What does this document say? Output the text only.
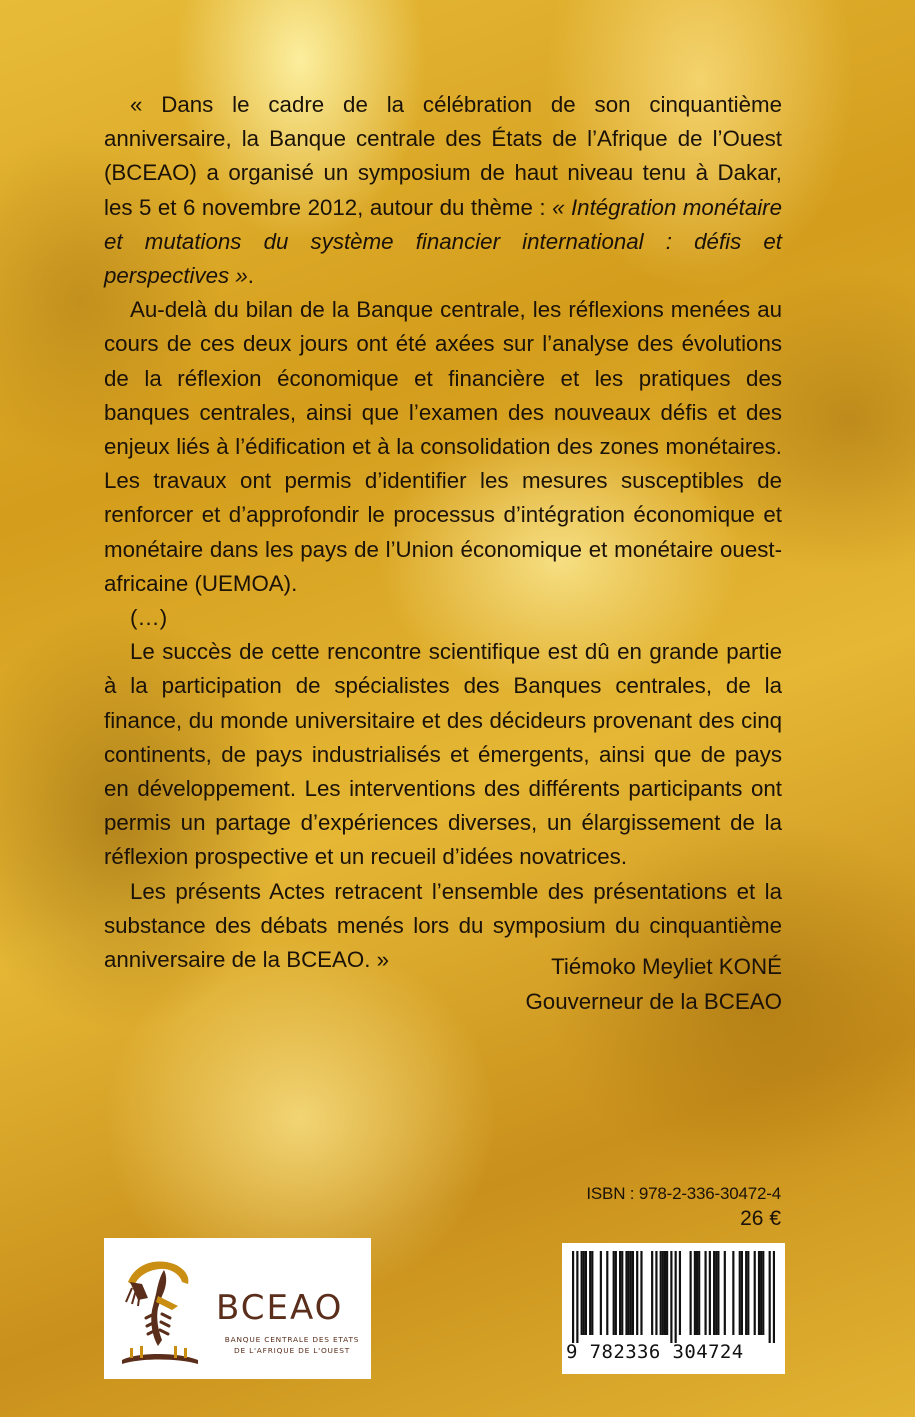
« Dans le cadre de la célébration de son cinquantième anniversaire, la Banque centrale des États de l’Afrique de l’Ouest (BCEAO) a organisé un symposium de haut niveau tenu à Dakar, les 5 et 6 novembre 2012, autour du thème : « Intégration monétaire et mutations du système financier international : défis et perspectives ».

Au-delà du bilan de la Banque centrale, les réflexions menées au cours de ces deux jours ont été axées sur l’analyse des évolutions de la réflexion économique et financière et les pratiques des banques centrales, ainsi que l’examen des nouveaux défis et des enjeux liés à l’édification et à la consolidation des zones monétaires. Les travaux ont permis d’identifier les mesures susceptibles de renforcer et d’approfondir le processus d’intégration économique et monétaire dans les pays de l’Union économique et monétaire ouest-africaine (UEMOA).

(…)

Le succès de cette rencontre scientifique est dû en grande partie à la participation de spécialistes des Banques centrales, de la finance, du monde universitaire et des décideurs provenant des cinq continents, de pays industrialisés et émergents, ainsi que de pays en développement. Les interventions des différents participants ont permis un partage d’expériences diverses, un élargissement de la réflexion prospective et un recueil d’idées novatrices.

Les présents Actes retracent l’ensemble des présentations et la substance des débats menés lors du symposium du cinquantième anniversaire de la BCEAO. »	Tiémoko Meyliet KONÉ
Gouverneur de la BCEAO
ISBN : 978-2-336-30472-4
26 €
BCEAO
BANQUE CENTRALE DES ETATS
DE L'AFRIQUE DE L'OUEST	9 782336 304724
